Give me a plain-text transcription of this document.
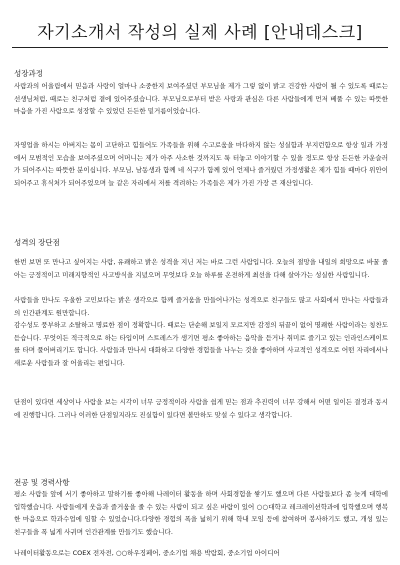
자기소개서 작성의 실제 사례 [안내데스크]
성장과정
사람과의 어울림에서 믿음과 사랑이 얼마나 소중한지 보여주셨던 부모님을 제가 그렇 없이 밝고 건강한 사람이 될 수 있도록 때로는 선생님처럼, 때로는 친구처럼 곁에 있어주셨습니다. 부모님으로부터 받은 사랑과 관심은 다른 사람들에게 먼저 베풀 수 있는 따뜻한 마음을 가진 사람으로 성장할 수 있었던 든든한 밑거름이었습니다.
자영업을 하시는 아버지는 몸이 고단하고 힘들어도 가족들을 위해 수고로움을 마다하지 않는 성실함과 부지런함으로 항상 일과 가정에서 모범적인 모습을 보여주셨으며 어머니는 제가 아주 사소한 것까지도 툭 터놓고 이야기할 수 있을 정도로 항상 든든한 카운슬러가 되어주시는 따뜻한 분이십니다. 부모님, 남동생과 함께 네 식구가 함께 있어 언제나 즐거웠던 가정생활은 제가 힘들 때마다 위안이 되어주고 휴식처가 되어주었으며 늘 같은 자리에서 저를 격려하는 가족들은 제가 가진 가장 큰 재산입니다.
성격의 장단점
한번 보면 또 만나고 싶어지는 사람, 유쾌하고 밝은 성격을 지닌 저는 바로 그런 사람입니다. 오늘의 절망을 내일의 희망으로 바꿀 줄 아는 긍정적이고 미래지향적인 사고방식을 지녔으며 무엇보다 오늘 하루를 온전하게 최선을 다해 살아가는 성실한 사람입니다.
사람들을 만나도 우울한 고민보다는 밝은 생각으로 함께 즐거움을 만들어나가는 성격으로 친구들도 많고 사회에서 만나는 사람들과의 인간관계도 원만합니다.
감수성도 풍부하고 소탈하고 명료한 점이 정확합니다. 때로는 단순해 보일지 모르지만 감정의 뒤끝이 없어 명쾌한 사람이라는 칭찬도 듣습니다. 무엇이든 적극적으로 하는 타입이며 스트레스가 생기면 평소 좋아하는 음악을 듣거나 취미로 즐기고 있는 인라인스케이트를 타며 풀어버리기도 합니다. 사람들과 만나서 대화하고 다양한 경험들을 나누는 것을 좋아하며 사교적인 성격으로 어떤 자리에서나 새로운 사람들과 잘 어울리는 편입니다.
단점이 있다면 세상이나 사람을 보는 시각이 너무 긍정적이라 사람을 쉽게 믿는 점과 추진력이 너무 강해서 어떤 일이든 결정과 동시에 진행합니다. 그러나 이러한 단점일지라도 진실함이 있다면 볼만하도 맞설 수 있다고 생각합니다.
전공 및 경력사항
평소 사람들 앞에 서기 좋아하고 말하기를 좋아해 나레이터 활동을 하며 사회경험을 쌓기도 했으며 다른 사람들보다 좀 늦게 대학에 입학했습니다. 사람들에게 웃음과 즐거움을 줄 수 있는 사람이 되고 싶은 바람이 있어 ○○대학교 레크레이션학과에 입학했으며 행복한 마음으로 학과수업에 임할 수 있었습니다.다양한 경험의 폭을 넓히기 위해 학내 모임 등에 참여하며 봉사하기도 했고, 개성 있는 친구들을 폭 넓게 사귀며 인간관계를 만들기도 했습니다.
나레이터활동으로는 COEX 전자전, ○○하우징페어, 중소기업 채용 박람회, 중소기업 아이디어
